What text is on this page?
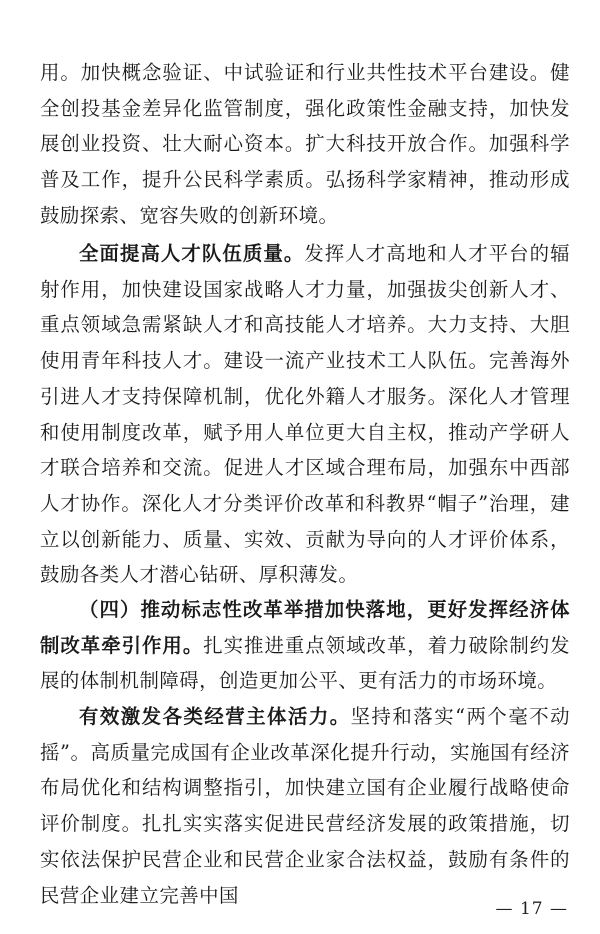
用。加快概念验证、中试验证和行业共性技术平台建设。健全创投基金差异化监管制度，强化政策性金融支持，加快发展创业投资、壮大耐心资本。扩大科技开放合作。加强科学普及工作，提升公民科学素质。弘扬科学家精神，推动形成鼓励探索、宽容失败的创新环境。

全面提高人才队伍质量。发挥人才高地和人才平台的辐射作用，加快建设国家战略人才力量，加强拔尖创新人才、重点领域急需紧缺人才和高技能人才培养。大力支持、大胆使用青年科技人才。建设一流产业技术工人队伍。完善海外引进人才支持保障机制，优化外籍人才服务。深化人才管理和使用制度改革，赋予用人单位更大自主权，推动产学研人才联合培养和交流。促进人才区域合理布局，加强东中西部人才协作。深化人才分类评价改革和科教界“帽子”治理，建立以创新能力、质量、实效、贡献为导向的人才评价体系，鼓励各类人才潜心钻研、厚积薄发。

（四）推动标志性改革举措加快落地，更好发挥经济体制改革牵引作用。扎实推进重点领域改革，着力破除制约发展的体制机制障碍，创造更加公平、更有活力的市场环境。

有效激发各类经营主体活力。坚持和落实“两个毫不动摇”。高质量完成国有企业改革深化提升行动，实施国有经济布局优化和结构调整指引，加快建立国有企业履行战略使命评价制度。扎扎实实落实促进民营经济发展的政策措施，切实依法保护民营企业和民营企业家合法权益，鼓励有条件的民营企业建立完善中国

— 17 —
